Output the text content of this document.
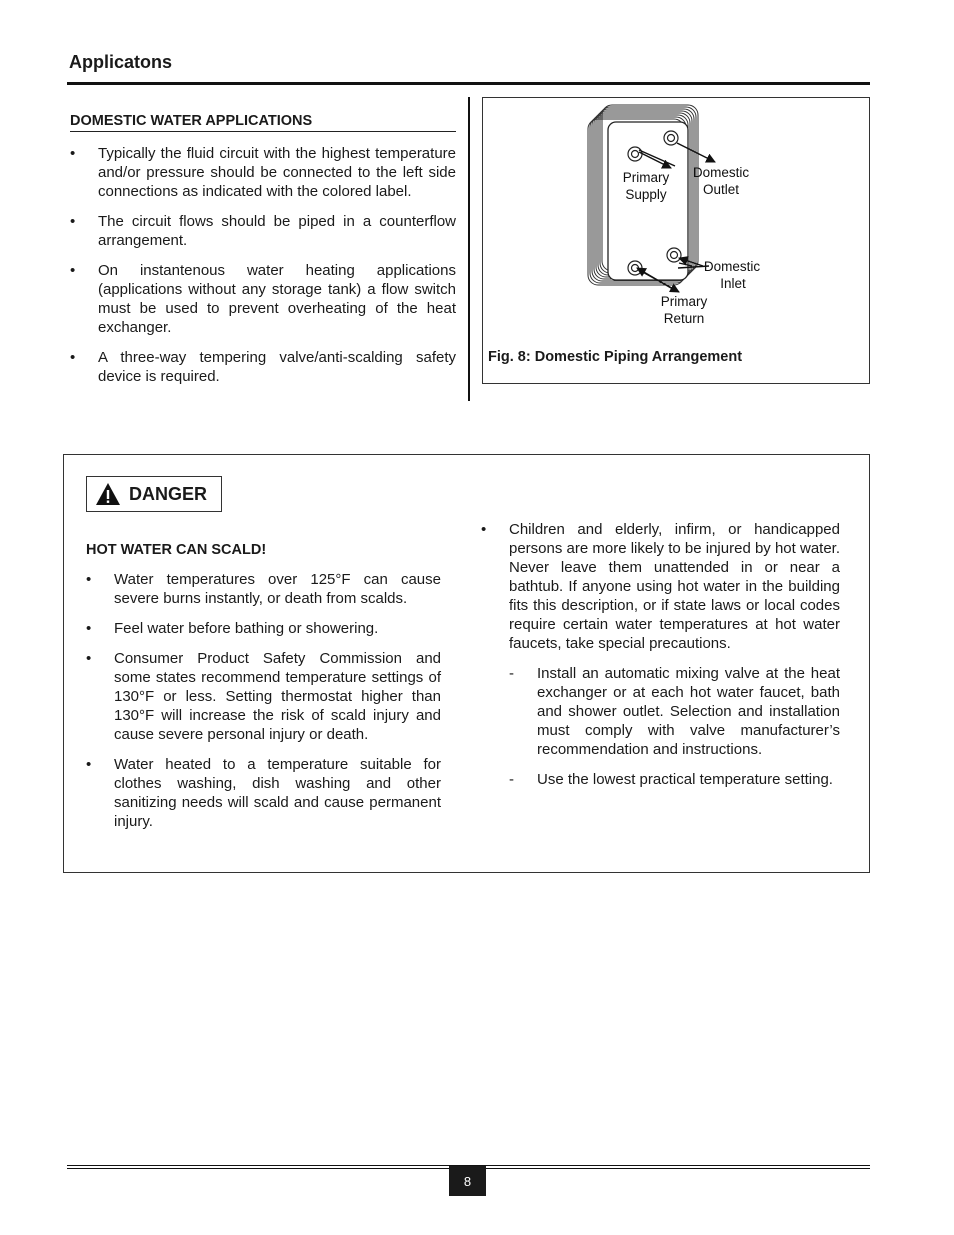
Applicatons
DOMESTIC WATER APPLICATIONS
• Typically the fluid circuit with the highest temperature and/or pressure should be connected to the left side connections as indicated with the colored label.
• The circuit flows should be piped in a counterflow arrangement.
• On instantenous water heating applications (applications without any storage tank) a flow switch must be used to prevent overheating of the heat exchanger.
• A three-way tempering valve/anti-scalding safety device is required.
Primary
Supply
Domestic
Outlet
Domestic
Inlet
Primary
Return

Fig. 8: Domestic Piping Arrangement

DANGER

HOT WATER CAN SCALD!

• Water temperatures over 125°F can cause severe burns instantly, or death from scalds.
• Feel water before bathing or showering.
• Consumer Product Safety Commission and some states recommend temperature settings of 130°F or less. Setting thermostat higher than 130°F will increase the risk of scald injury and cause severe personal injury or death.
• Water heated to a temperature suitable for clothes washing, dish washing and other sanitizing needs will scald and cause permanent injury.
• Children and elderly, infirm, or handicapped persons are more likely to be injured by hot water. Never leave them unattended in or near a bathtub. If anyone using hot water in the building fits this description, or if state laws or local codes require certain water temperatures at hot water faucets, take special precautions.
- Install an automatic mixing valve at the heat exchanger or at each hot water faucet, bath and shower outlet. Selection and installation must comply with valve manufacturer’s recommendation and instructions.
- Use the lowest practical temperature setting.
8
